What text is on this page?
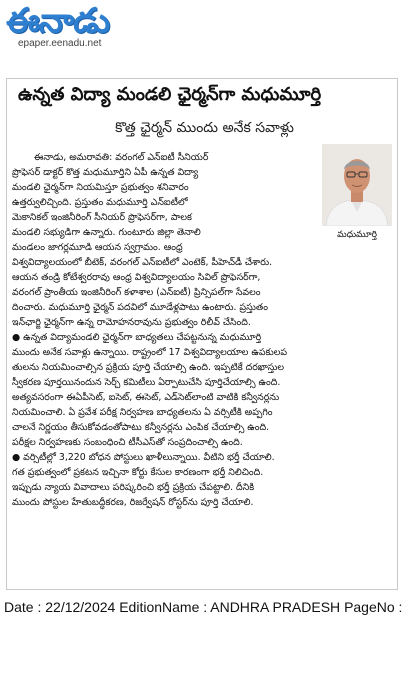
ఈనాడు
epaper.eenadu.net
ఉన్నత విద్యా మండలి ఛైర్మన్‌గా మధుమూర్తి
కొత్త ఛైర్మన్ ముందు అనేక సవాళ్లు
మధుమూర్తి
ఈనాడు, అమరావతి: వరంగల్ ఎన్ఐటీ సీనియర్
ప్రొఫెసర్ డాక్టర్ కొత్త మధుమూర్తిని ఏపీ ఉన్నత విద్యా
మండలి ఛైర్మన్‌గా నియమిస్తూ ప్రభుత్వం శనివారం
ఉత్తర్వులిచ్చింది. ప్రస్తుతం మధుమూర్తి ఎన్ఐటీలో
మెకానికల్ ఇంజినీరింగ్ సీనియర్ ప్రొఫెసర్‌గా, పాలక
మండలి సభ్యుడిగా ఉన్నారు. గుంటూరు జిల్లా తెనాలి
మండలం జాగర్లమూడి ఆయన స్వగ్రామం. ఆంధ్ర
విశ్వవిద్యాలయంలో బీటెక్, వరంగల్ ఎన్ఐటీలో ఎంటెక్, పీహెచ్‌డీ చేశారు.
ఆయన తండ్రి కోటేశ్వరరావు ఆంధ్ర విశ్వవిద్యాలయం సివిల్ ప్రొఫెసర్‌గా,
వరంగల్ ప్రాంతీయ ఇంజినీరింగ్ కళాశాల (ఎన్ఐటీ) ప్రిన్సిపల్‌గా సేవలం
దించారు. మధుమూర్తి ఛైర్మన్ పదవిలో మూడేళ్లపాటు ఉంటారు. ప్రస్తుతం
ఇన్‌ఛార్జి ఛైర్మన్‌గా ఉన్న రామోహనరావును ప్రభుత్వం రిలీవ్ చేసింది.
● ఉన్నత విద్యామండలి ఛైర్మన్‌గా బాధ్యతలు చేపట్టనున్న మధుమూర్తి
ముందు అనేక సవాళ్లు ఉన్నాయి. రాష్ట్రంలో 17 విశ్వవిద్యాలయాల ఉపకులప
తులను నియమించాల్సిన ప్రక్రియ పూర్తి చేయాల్సి ఉంది. ఇప్పటికే దరఖాస్తుల
స్వీకరణ పూర్తయినందున సెర్చ్ కమిటీలు ఏర్పాటుచేసి పూర్తిచేయాల్సి ఉంది.
అత్యవసరంగా ఈఏపీసెట్, ఐసెట్, ఈసెట్, ఎడ్‌సెట్‌లాంటి వాటికి కన్వీనర్లను
నియమించాలి. ఏ ప్రవేశ పరీక్ష నిర్వహణ బాధ్యతలను ఏ వర్సిటీకి అప్పగిం
చాలనే నిర్ణయం తీసుకోవడంతోపాటు కన్వీనర్లను ఎంపిక చేయాల్సి ఉంది.
పరీక్షల నిర్వహణకు సంబంధించి టీసీఎస్‌తో సంప్రదించాల్సి ఉంది.
● వర్సిటీల్లో 3,220 బోధన పోస్టులు ఖాళీలున్నాయి. వీటిని భర్తీ చేయాలి.
గత ప్రభుత్వంలో ప్రకటన ఇచ్చినా కోర్టు కేసుల కారణంగా భర్తీ నిలిచింది.
ఇప్పుడు న్యాయ వివాదాలు పరిష్కరించి భర్తీ ప్రక్రియ చేపట్టాలి. దీనికి
ముందు పోస్టుల హేతుబద్ధీకరణ, రిజర్వేషన్ రోస్టర్‌ను పూర్తి చేయాలి.
Date : 22/12/2024 EditionName : ANDHRA PRADESH PageNo :
